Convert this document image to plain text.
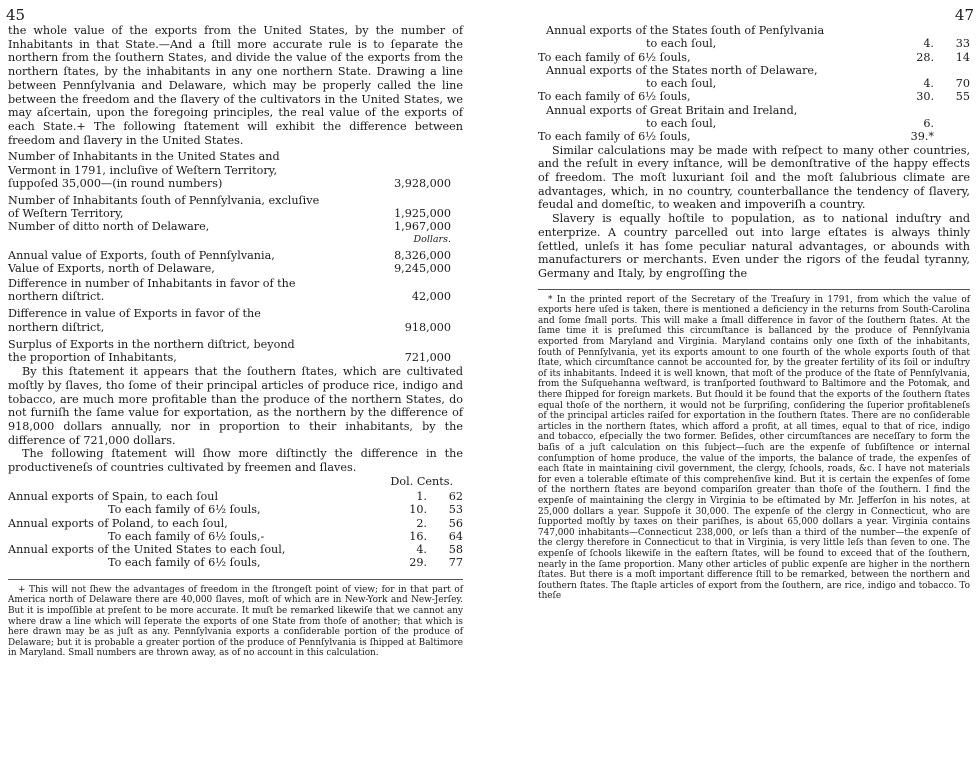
45

the whole value of the exports from the United States, by the number of Inhabitants in that State.—And a ſtill more accurate rule is to ſeparate the northern from the ſouthern States, and divide the value of the exports from the northern ſtates, by the inhabitants in any one northern State. Drawing a line between Pennſylvania and Delaware, which may be properly called the line between the freedom and the ſlavery of the cultivators in the United States, we may aſcertain, upon the foregoing principles, the real value of the exports of each State.+ The following ſtatement will exhibit the difference between freedom and ſlavery in the United States.

Number of Inhabitants in the United States and Vermont in 1791, incluſive of Weſtern Territory, ſuppoſed 35,000—(in round numbers)	3,928,000
Number of Inhabitants ſouth of Pennſylvania, excluſive of Weſtern Territory,	1,925,000
Number of ditto north of Delaware,	1,967,000
Dollars.
Annual value of Exports, ſouth of Pennſylvania,	8,326,000
Value of Exports, north of Delaware,	9,245,000
Difference in number of Inhabitants in favor of the northern diſtrict.	42,000
Difference in value of Exports in favor of the northern diſtrict,	918,000
Surplus of Exports in the northern diſtrict, beyond the proportion of Inhabitants,	721,000

By this ſtatement it appears that the ſouthern ſtates, which are cultivated moſtly by ſlaves, tho ſome of their principal articles of produce rice, indigo and tobacco, are much more profitable than the produce of the northern States, do not furniſh the ſame value for exportation, as the northern by the difference of 918,000 dollars annually, nor in proportion to their inhabitants, by the difference of 721,000 dollars.

The following ſtatement will ſhow more diſtinctly the difference in the productiveneſs of countries cultivated by freemen and ſlaves.

Dol. Cents.
Annual exports of Spain, to each ſoul	1.	62
To each family of 6½ ſouls,	10.	53
Annual exports of Poland, to each ſoul,	2.	56
To each family of 6½ ſouls,-	16.	64
Annual exports of the United States to each ſoul,	4.	58
To each family of 6½ ſouls,	29.	77

+ This will not ſhew the advantages of freedom in the ſtrongeſt point of view; for in that part of America north of Delaware there are 40,000 ſlaves, moſt of which are in New-York and New-Jerſey. But it is impoſſible at preſent to be more accurate. It muſt be remarked likewiſe that we cannot any where draw a line which will ſeperate the exports of one State from thoſe of another; that which is here drawn may be as juſt as any. Pennſylvania exports a conſiderable portion of the produce of Delaware; but it is probable a greater portion of the produce of Pennſylvania is ſhipped at Baltimore in Maryland. Small numbers are thrown away, as of no account in this calculation.

47
Annual exports of the States ſouth of Penſylvania
to each ſoul,	4.	33
To each family of 6½ ſouls,	28.	14
Annual exports of the States north of Delaware,
to each ſoul,	4.	70
To each family of 6½ ſouls,	30.	55
Annual exports of Great Britain and Ireland,
to each ſoul,	6.
To each family of 6½ ſouls,	39.*

Similar calculations may be made with reſpect to many other countries, and the reſult in every inſtance, will be demonſtrative of the happy effects of freedom. The moſt luxuriant ſoil and the moſt ſalubrious climate are advantages, which, in no country, counterballance the tendency of ſlavery, feudal and domeſtic, to weaken and impoveriſh a country.

Slavery is equally hoſtile to population, as to national induſtry and enterprize. A country parcelled out into large eſtates is always thinly ſettled, unleſs it has ſome peculiar natural advantages, or abounds with manufacturers or merchants. Even under the rigors of the feudal tyranny, Germany and Italy, by engroſſing the

* In the printed report of the Secretary of the Treaſury in 1791, from which the value of exports here uſed is taken, there is mentioned a deficiency in the returns from South-Carolina and ſome ſmall ports. This will make a ſmall difference in favor of the ſouthern ſtates. At the ſame time it is preſumed this circumſtance is ballanced by the produce of Pennſylvania exported from Maryland and Virginia. Maryland contains only one ſixth of the inhabitants, ſouth of Pennſylvania, yet its exports amount to one fourth of the whole exports ſouth of that ſtate, which circumſtance cannot be accounted for, by the greater fertility of its ſoil or induſtry of its inhabitants. Indeed it is well known, that moſt of the produce of the ſtate of Pennſylvania, from the Suſquehanna weſtward, is tranſported ſouthward to Baltimore and the Potomak, and there ſhipped for foreign markets. But ſhould it be found that the exports of the ſouthern ſtates equal thoſe of the northern, it would not be ſurpriſing, conſidering the ſuperior profitableneſs of the principal articles raiſed for exportation in the ſouthern ſtates. There are no conſiderable articles in the northern ſtates, which afford a profit, at all times, equal to that of rice, indigo and tobacco, eſpecially the two former. Beſides, other circumſtances are neceſſary to form the baſis of a juſt calculation on this ſubject—ſuch are the expenſe of ſubſiſtence or internal conſumption of home produce, the value of the imports, the balance of trade, the expenſes of each ſtate in maintaining civil government, the clergy, ſchools, roads, &c. I have not materials for even a tolerable eſtimate of this comprehenſive kind. But it is certain the expenſes of ſome of the northern ſtates are beyond compariſon greater than thoſe of the ſouthern. I find the expenſe of maintaining the clergy in Virginia to be eſtimated by Mr. Jefferſon in his notes, at 25,000 dollars a year. Suppoſe it 30,000. The expenſe of the clergy in Connecticut, who are ſupported moſtly by taxes on their pariſhes, is about 65,000 dollars a year. Virginia contains 747,000 inhabitants—Connecticut 238,000, or leſs than a third of the number—the expenſe of the clergy therefore in Connecticut to that in Virginia, is very little leſs than ſeven to one. The expenſe of ſchools likewiſe in the eaſtern ſtates, will be found to exceed that of the ſouthern, nearly in the ſame proportion. Many other articles of public expenſe are higher in the northern ſtates. But there is a moſt important difference ſtill to be remarked, between the northern and ſouthern ſtates. The ſtaple articles of export from the ſouthern, are rice, indigo and tobacco. To theſe
